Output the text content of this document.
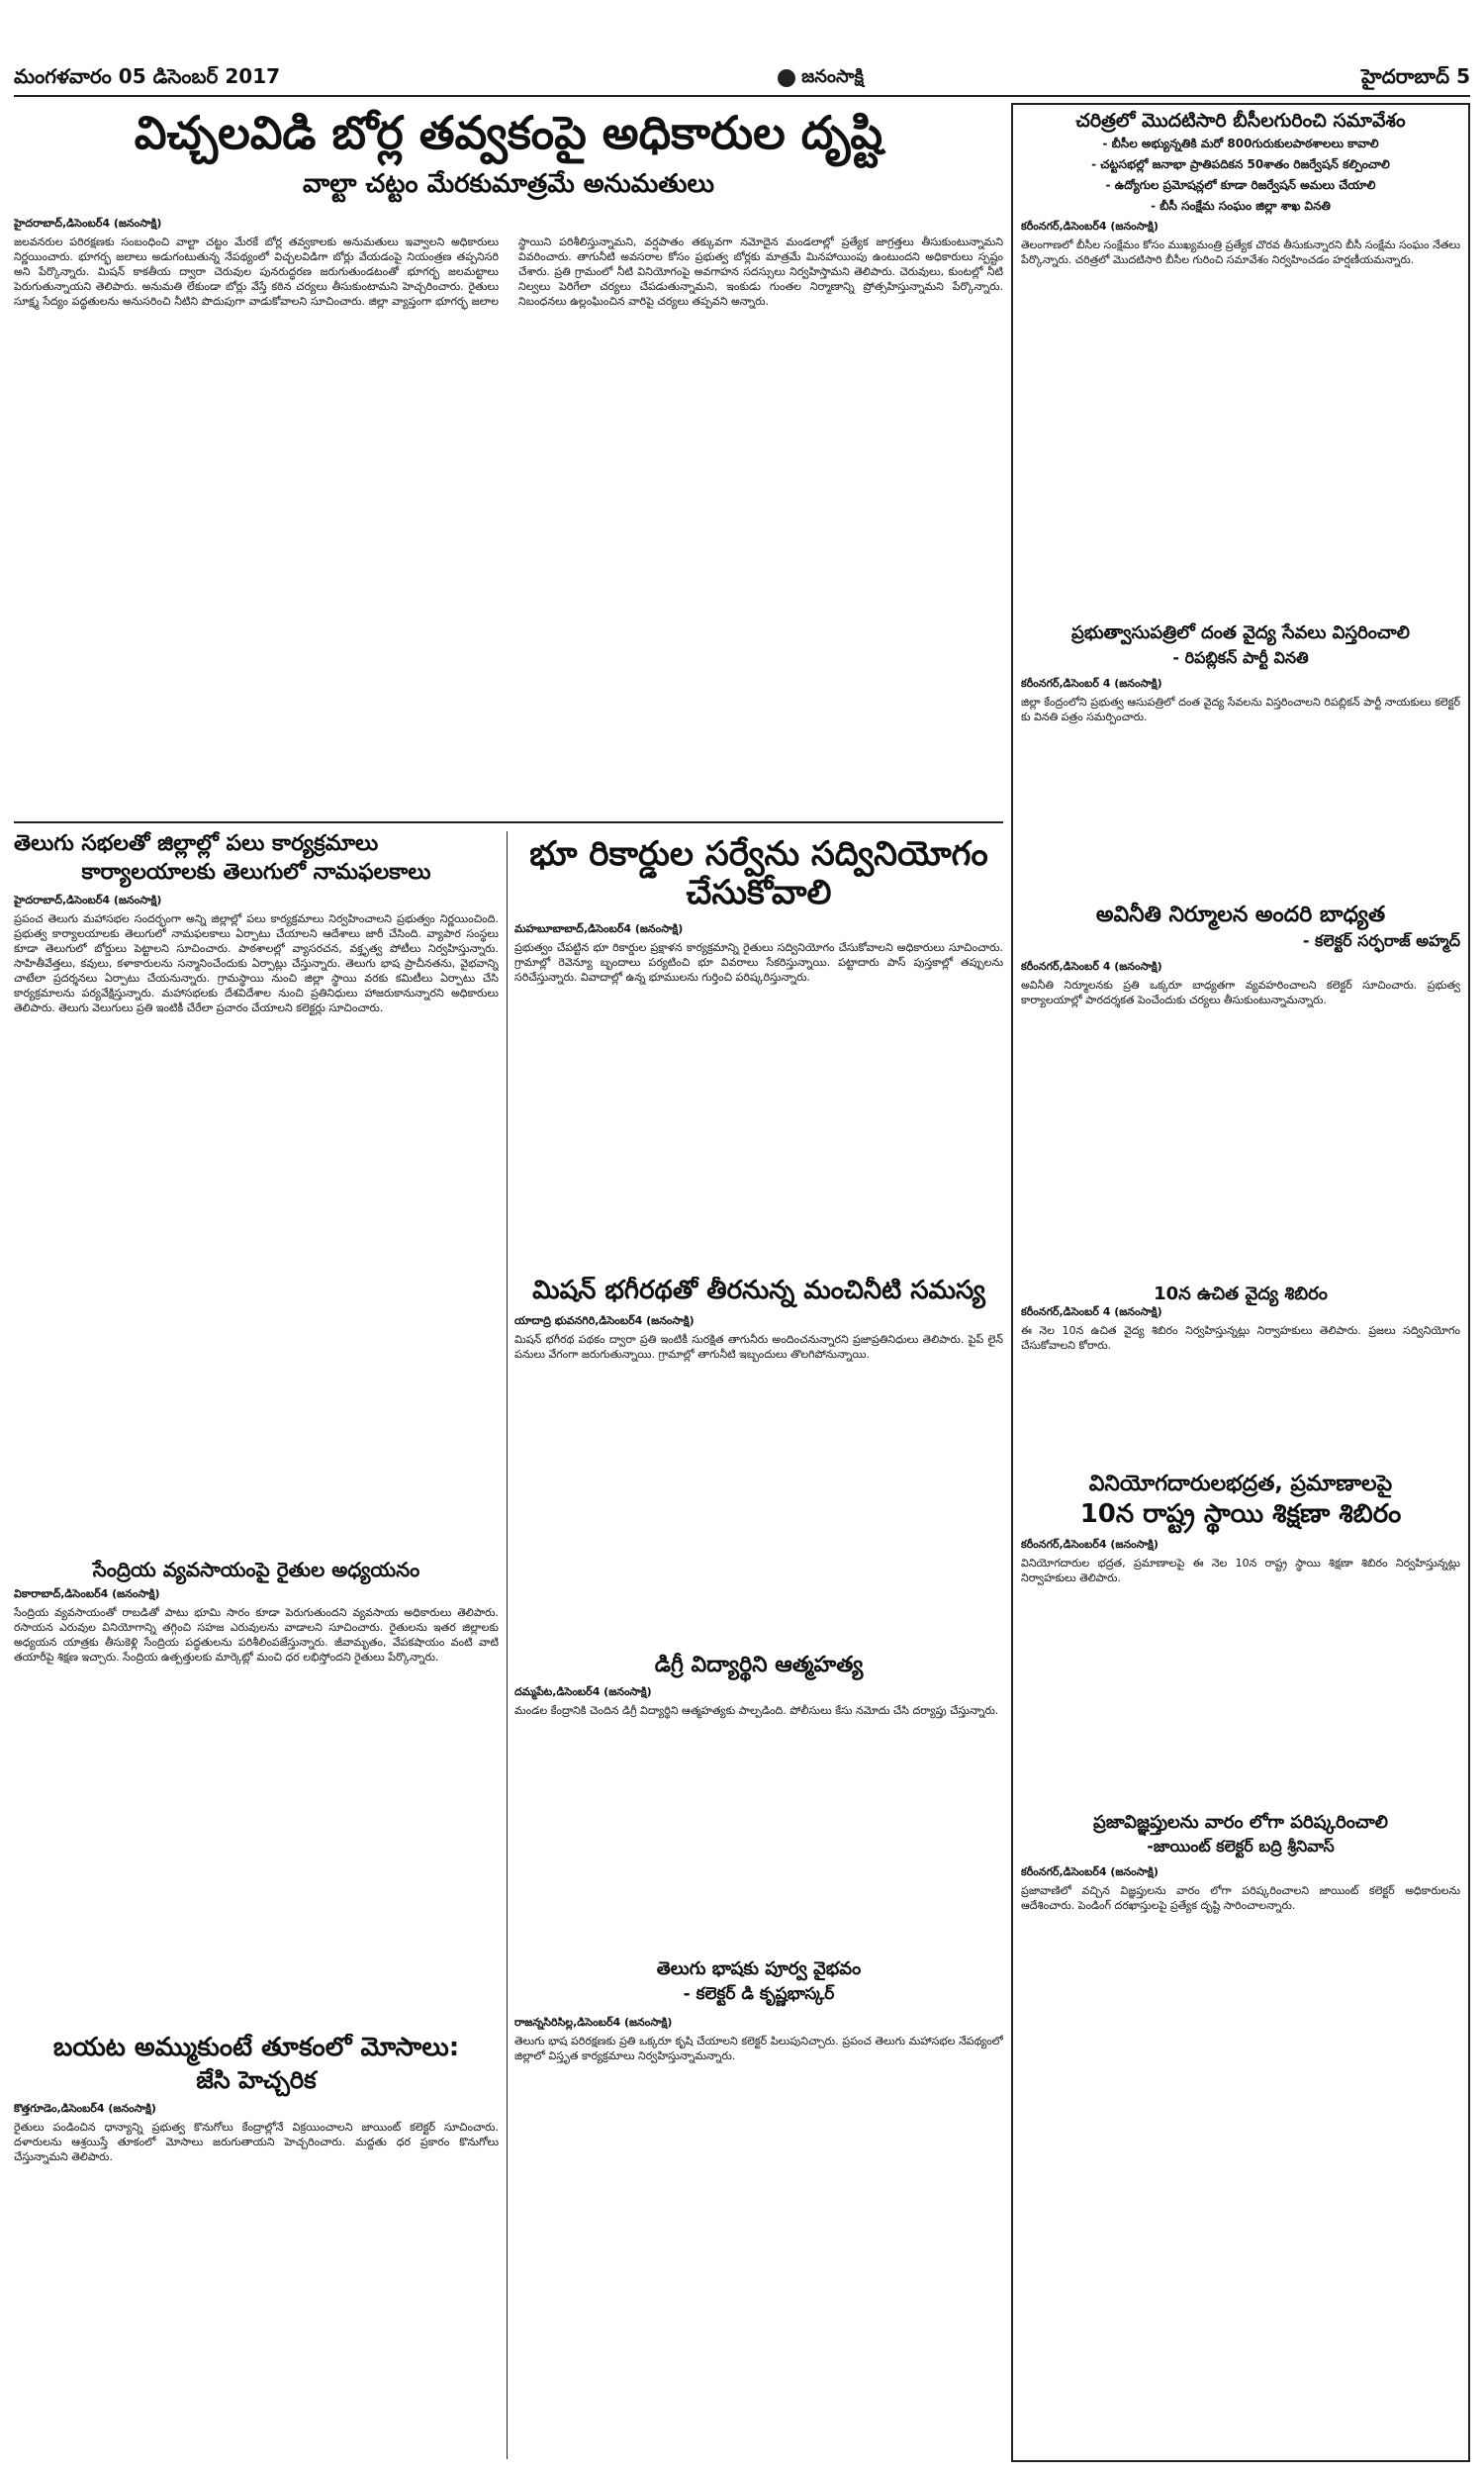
మంగళవారం 05 డిసెంబర్ 2017	జనంసాక్షి	హైదరాబాద్ 5
విచ్చలవిడి బోర్ల తవ్వకంపై అధికారుల దృష్టి
వాల్టా చట్టం మేరకుమాత్రమే అనుమతులు
హైదరాబాద్,డిసెంబర్4 (జనంసాక్షి)
జలవనరుల పరిరక్షణకు సంబంధించి వాల్టా చట్టం మేరకే బోర్ల తవ్వకాలకు అనుమతులు ఇవ్వాలని అధికారులు నిర్ణయించారు. భూగర్భ జలాలు అడుగంటుతున్న నేపథ్యంలో విచ్చలవిడిగా బోర్లు వేయడంపై నియంత్రణ తప్పనిసరి అని పేర్కొన్నారు. మిషన్ కాకతీయ ద్వారా చెరువుల పునరుద్ధరణ జరుగుతుండటంతో భూగర్భ జలమట్టాలు పెరుగుతున్నాయని తెలిపారు. అనుమతి లేకుండా బోర్లు వేస్తే కఠిన చర్యలు తీసుకుంటామని హెచ్చరించారు. రైతులు సూక్ష్మ సేద్యం పద్ధతులను అనుసరించి నీటిని పొదుపుగా వాడుకోవాలని సూచించారు. జిల్లా వ్యాప్తంగా భూగర్భ జలాల స్థాయిని పరిశీలిస్తున్నామని, వర్షపాతం తక్కువగా నమోదైన మండలాల్లో ప్రత్యేక జాగ్రత్తలు తీసుకుంటున్నామని వివరించారు. తాగునీటి అవసరాల కోసం ప్రభుత్వ బోర్లకు మాత్రమే మినహాయింపు ఉంటుందని అధికారులు స్పష్టం చేశారు. ప్రతి గ్రామంలో నీటి వినియోగంపై అవగాహన సదస్సులు నిర్వహిస్తామని తెలిపారు. చెరువులు, కుంటల్లో నీటి నిల్వలు పెరిగేలా చర్యలు చేపడుతున్నామని, ఇంకుడు గుంతల నిర్మాణాన్ని ప్రోత్సహిస్తున్నామని పేర్కొన్నారు. నిబంధనలు ఉల్లంఘించిన వారిపై చర్యలు తప్పవని అన్నారు.
తెలుగు సభలతో జిల్లాల్లో పలు కార్యక్రమాలు
కార్యాలయాలకు తెలుగులో నామఫలకాలు
హైదరాబాద్,డిసెంబర్4 (జనంసాక్షి)
ప్రపంచ తెలుగు మహాసభల సందర్భంగా అన్ని జిల్లాల్లో పలు కార్యక్రమాలు నిర్వహించాలని ప్రభుత్వం నిర్ణయించింది. ప్రభుత్వ కార్యాలయాలకు తెలుగులో నామఫలకాలు ఏర్పాటు చేయాలని ఆదేశాలు జారీ చేసింది. వ్యాపార సంస్థలు కూడా తెలుగులో బోర్డులు పెట్టాలని సూచించారు. పాఠశాలల్లో వ్యాసరచన, వక్తృత్వ పోటీలు నిర్వహిస్తున్నారు. సాహితీవేత్తలు, కవులు, కళాకారులను సన్మానించేందుకు ఏర్పాట్లు చేస్తున్నారు. తెలుగు భాష ప్రాచీనతను, వైభవాన్ని చాటేలా ప్రదర్శనలు ఏర్పాటు చేయనున్నారు. గ్రామస్థాయి నుంచి జిల్లా స్థాయి వరకు కమిటీలు ఏర్పాటు చేసి కార్యక్రమాలను పర్యవేక్షిస్తున్నారు. మహాసభలకు దేశవిదేశాల నుంచి ప్రతినిధులు హాజరుకానున్నారని అధికారులు తెలిపారు. తెలుగు వెలుగులు ప్రతి ఇంటికీ చేరేలా ప్రచారం చేయాలని కలెక్టర్లు సూచించారు.
సేంద్రియ వ్యవసాయంపై రైతుల అధ్యయనం
వికారాబాద్,డిసెంబర్4 (జనంసాక్షి)
సేంద్రియ వ్యవసాయంతో రాబడితో పాటు భూమి సారం కూడా పెరుగుతుందని వ్యవసాయ అధికారులు తెలిపారు. రసాయన ఎరువుల వినియోగాన్ని తగ్గించి సహజ ఎరువులను వాడాలని సూచించారు. రైతులను ఇతర జిల్లాలకు అధ్యయన యాత్రకు తీసుకెళ్లి సేంద్రియ పద్ధతులను పరిశీలింపజేస్తున్నారు. జీవామృతం, వేపకషాయం వంటి వాటి తయారీపై శిక్షణ ఇచ్చారు. సేంద్రియ ఉత్పత్తులకు మార్కెట్లో మంచి ధర లభిస్తోందని రైతులు పేర్కొన్నారు.
బయట అమ్ముకుంటే తూకంలో మోసాలు:
జేసి హెచ్చరిక
కొత్తగూడెం,డిసెంబర్4 (జనంసాక్షి)
రైతులు పండించిన ధాన్యాన్ని ప్రభుత్వ కొనుగోలు కేంద్రాల్లోనే విక్రయించాలని జాయింట్ కలెక్టర్ సూచించారు. దళారులను ఆశ్రయిస్తే తూకంలో మోసాలు జరుగుతాయని హెచ్చరించారు. మద్దతు ధర ప్రకారం కొనుగోలు చేస్తున్నామని తెలిపారు.
భూ రికార్డుల సర్వేను సద్వినియోగం చేసుకోవాలి
మహబూబాబాద్,డిసెంబర్4 (జనంసాక్షి)
ప్రభుత్వం చేపట్టిన భూ రికార్డుల ప్రక్షాళన కార్యక్రమాన్ని రైతులు సద్వినియోగం చేసుకోవాలని అధికారులు సూచించారు. గ్రామాల్లో రెవెన్యూ బృందాలు పర్యటించి భూ వివరాలు సేకరిస్తున్నాయి. పట్టాదారు పాస్ పుస్తకాల్లో తప్పులను సరిచేస్తున్నారు. వివాదాల్లో ఉన్న భూములను గుర్తించి పరిష్కరిస్తున్నారు.
మిషన్ భగీరథతో తీరనున్న మంచినీటి సమస్య
యాదాద్రి భువనగిరి,డిసెంబర్4 (జనంసాక్షి)
మిషన్ భగీరథ పథకం ద్వారా ప్రతి ఇంటికీ సురక్షిత తాగునీరు అందించనున్నారని ప్రజాప్రతినిధులు తెలిపారు. పైప్ లైన్ పనులు వేగంగా జరుగుతున్నాయి. గ్రామాల్లో తాగునీటి ఇబ్బందులు తొలగిపోనున్నాయి.
డిగ్రీ విద్యార్థిని ఆత్మహత్య
దమ్మపేట,డిసెంబర్4 (జనంసాక్షి)
మండల కేంద్రానికి చెందిన డిగ్రీ విద్యార్థిని ఆత్మహత్యకు పాల్పడింది. పోలీసులు కేసు నమోదు చేసి దర్యాప్తు చేస్తున్నారు.
తెలుగు భాషకు పూర్వ వైభవం
- కలెక్టర్ డి కృష్ణభాస్కర్
రాజన్నసిరిసిల్ల,డిసెంబర్4 (జనంసాక్షి)
తెలుగు భాష పరిరక్షణకు ప్రతి ఒక్కరూ కృషి చేయాలని కలెక్టర్ పిలుపునిచ్చారు. ప్రపంచ తెలుగు మహాసభల నేపథ్యంలో జిల్లాలో విస్తృత కార్యక్రమాలు నిర్వహిస్తున్నామన్నారు.
చరిత్రలో మొదటిసారి బీసీలగురించి సమావేశం
- బీసీల అభ్యున్నతికి మరో 800గురుకులపాఠశాలలు కావాలి
- చట్టసభల్లో జనాభా ప్రాతిపదికన 50శాతం రిజర్వేషన్ కల్పించాలి
- ఉద్యోగుల ప్రమోషన్లలో కూడా రిజర్వేషన్ అమలు చేయాలి
- బీసీ సంక్షేమ సంఘం జిల్లా శాఖ వినతి
కరీంనగర్,డిసెంబర్4 (జనంసాక్షి)
తెలంగాణలో బీసీల సంక్షేమం కోసం ముఖ్యమంత్రి ప్రత్యేక చొరవ తీసుకున్నారని బీసీ సంక్షేమ సంఘం నేతలు పేర్కొన్నారు. చరిత్రలో మొదటిసారి బీసీల గురించి సమావేశం నిర్వహించడం హర్షణీయమన్నారు.
ప్రభుత్వాసుపత్రిలో దంత వైద్య సేవలు విస్తరించాలి
- రిపబ్లికన్ పార్టీ వినతి
కరీంనగర్,డిసెంబర్ 4 (జనంసాక్షి)
జిల్లా కేంద్రంలోని ప్రభుత్వ ఆసుపత్రిలో దంత వైద్య సేవలను విస్తరించాలని రిపబ్లికన్ పార్టీ నాయకులు కలెక్టర్ కు వినతి పత్రం సమర్పించారు.
అవినీతి నిర్మూలన అందరి బాధ్యత
- కలెక్టర్ సర్ఫరాజ్ అహ్మద్
కరీంనగర్,డిసెంబర్ 4 (జనంసాక్షి)
అవినీతి నిర్మూలనకు ప్రతి ఒక్కరూ బాధ్యతగా వ్యవహరించాలని కలెక్టర్ సూచించారు. ప్రభుత్వ కార్యాలయాల్లో పారదర్శకత పెంచేందుకు చర్యలు తీసుకుంటున్నామన్నారు.
10న ఉచిత వైద్య శిబిరం
కరీంనగర్,డిసెంబర్ 4 (జనంసాక్షి)
ఈ నెల 10న ఉచిత వైద్య శిబిరం నిర్వహిస్తున్నట్లు నిర్వాహకులు తెలిపారు. ప్రజలు సద్వినియోగం చేసుకోవాలని కోరారు.
వినియోగదారులభద్రత, ప్రమాణాలపై
10న రాష్ట్ర స్థాయి శిక్షణా శిబిరం
కరీంనగర్,డిసెంబర్4 (జనంసాక్షి)
వినియోగదారుల భద్రత, ప్రమాణాలపై ఈ నెల 10న రాష్ట్ర స్థాయి శిక్షణా శిబిరం నిర్వహిస్తున్నట్లు నిర్వాహకులు తెలిపారు.
ప్రజావిజ్ఞప్తులను వారం లోగా పరిష్కరించాలి
-జాయింట్ కలెక్టర్ బద్రి శ్రీనివాస్
కరీంనగర్,డిసెంబర్4 (జనంసాక్షి)
ప్రజావాణిలో వచ్చిన విజ్ఞప్తులను వారం లోగా పరిష్కరించాలని జాయింట్ కలెక్టర్ అధికారులను ఆదేశించారు. పెండింగ్ దరఖాస్తులపై ప్రత్యేక దృష్టి సారించాలన్నారు.
